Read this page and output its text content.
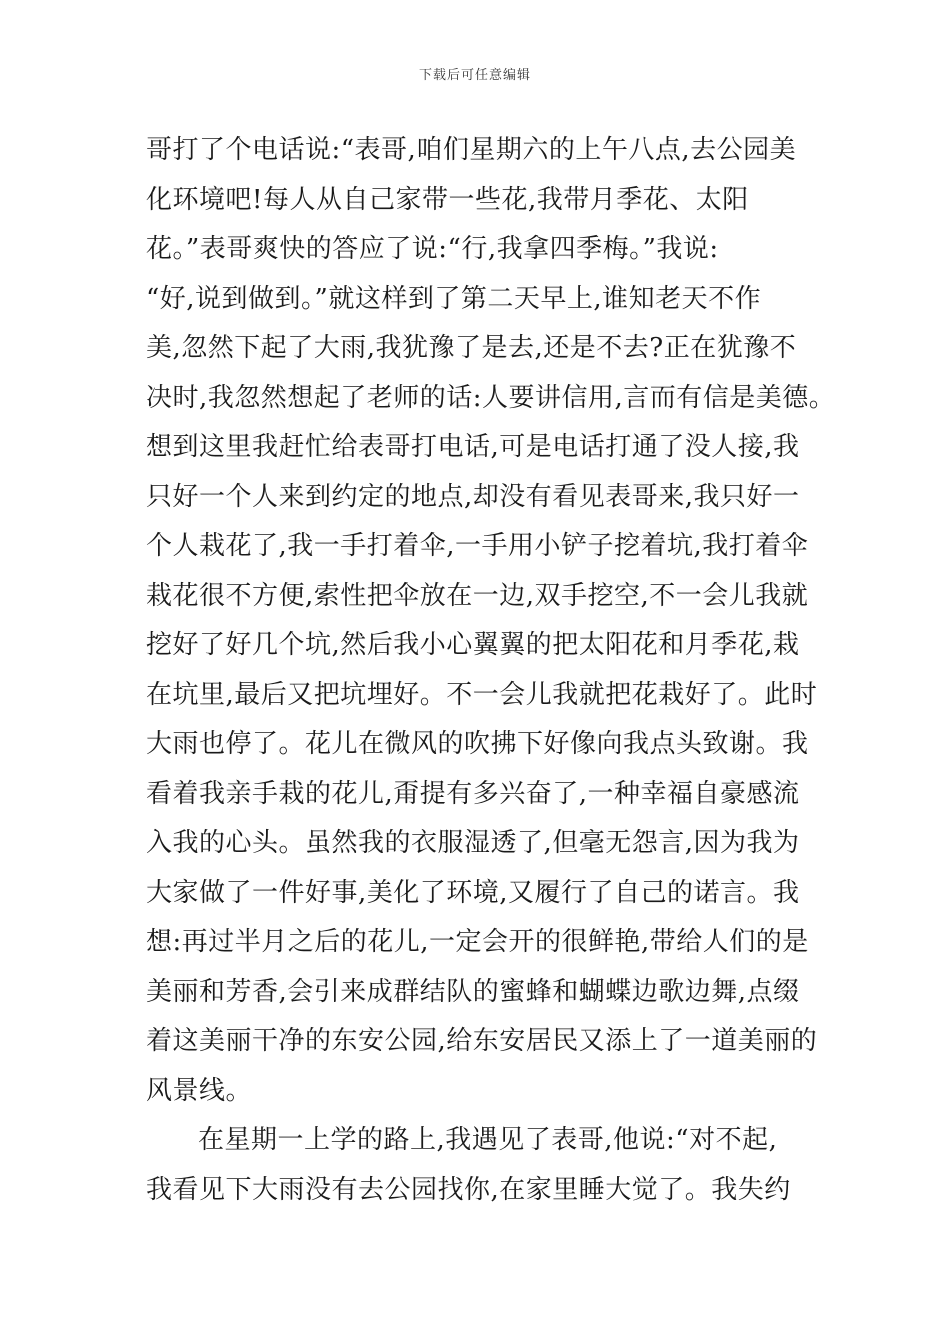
下载后可任意编辑
哥打了个电话说:“表哥,咱们星期六的上午八点,去公园美
化环境吧!每人从自己家带一些花,我带月季花、太阳
花。”表哥爽快的答应了说:“行,我拿四季梅。”我说:
“好,说到做到。”就这样到了第二天早上,谁知老天不作
美,忽然下起了大雨,我犹豫了是去,还是不去?正在犹豫不
决时,我忽然想起了老师的话:人要讲信用,言而有信是美德。
想到这里我赶忙给表哥打电话,可是电话打通了没人接,我
只好一个人来到约定的地点,却没有看见表哥来,我只好一
个人栽花了,我一手打着伞,一手用小铲子挖着坑,我打着伞
栽花很不方便,索性把伞放在一边,双手挖空,不一会儿我就
挖好了好几个坑,然后我小心翼翼的把太阳花和月季花,栽
在坑里,最后又把坑埋好。不一会儿我就把花栽好了。此时
大雨也停了。花儿在微风的吹拂下好像向我点头致谢。我
看着我亲手栽的花儿,甭提有多兴奋了,一种幸福自豪感流
入我的心头。虽然我的衣服湿透了,但毫无怨言,因为我为
大家做了一件好事,美化了环境,又履行了自己的诺言。我
想:再过半月之后的花儿,一定会开的很鲜艳,带给人们的是
美丽和芳香,会引来成群结队的蜜蜂和蝴蝶边歌边舞,点缀
着这美丽干净的东安公园,给东安居民又添上了一道美丽的
风景线。
在星期一上学的路上,我遇见了表哥,他说:“对不起,
我看见下大雨没有去公园找你,在家里睡大觉了。我失约
